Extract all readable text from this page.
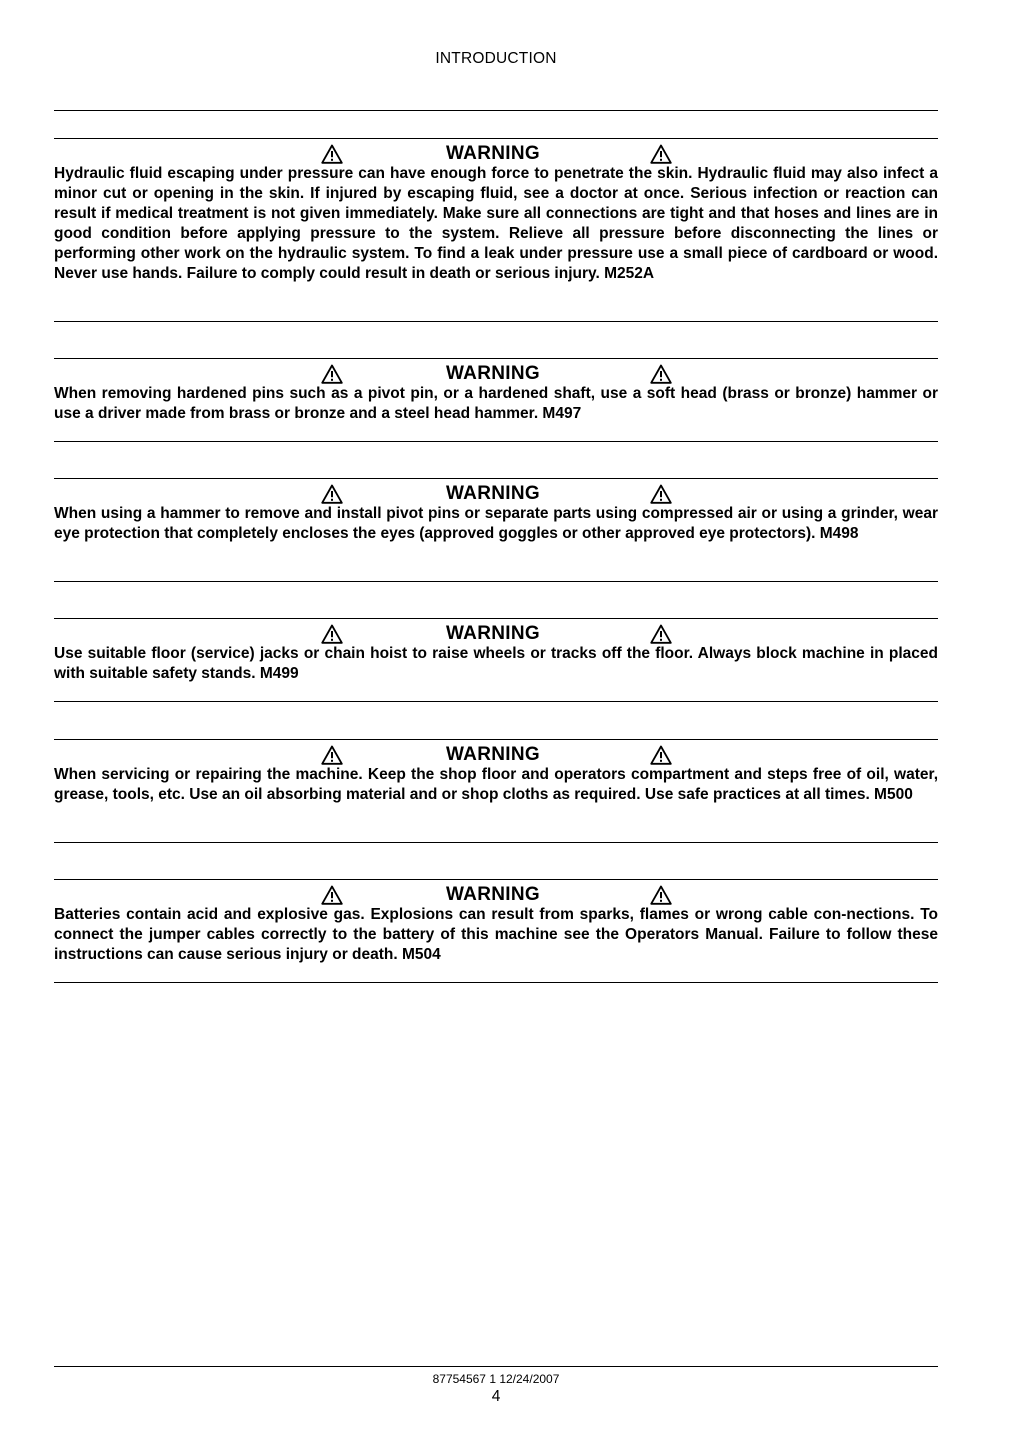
INTRODUCTION
WARNING

Hydraulic fluid escaping under pressure can have enough force to penetrate the skin. Hydraulic fluid may also infect a minor cut or opening in the skin. If injured by escaping fluid, see a doctor at once. Serious infection or reaction can result if medical treatment is not given immediately. Make sure all connections are tight and that hoses and lines are in good condition before applying pressure to the system. Relieve all pressure before disconnecting the lines or performing other work on the hydraulic system. To find a leak under pressure use a small piece of cardboard or wood. Never use hands. Failure to comply could result in death or serious injury. M252A

WARNING

When removing hardened pins such as a pivot pin, or a hardened shaft, use a soft head (brass or bronze) hammer or use a driver made from brass or bronze and a steel head hammer. M497

WARNING

When using a hammer to remove and install pivot pins or separate parts using compressed air or using a grinder, wear eye protection that completely encloses the eyes (approved goggles or other approved eye protectors). M498

WARNING

Use suitable floor (service) jacks or chain hoist to raise wheels or tracks off the floor. Always block machine in placed with suitable safety stands. M499

WARNING

When servicing or repairing the machine. Keep the shop floor and operators compartment and steps free of oil, water, grease, tools, etc. Use an oil absorbing material and or shop cloths as required. Use safe practices at all times. M500

WARNING

Batteries contain acid and explosive gas. Explosions can result from sparks, flames or wrong cable con-nections. To connect the jumper cables correctly to the battery of this machine see the Operators Manual. Failure to follow these instructions can cause serious injury or death. M504

87754567 1 12/24/2007
4
